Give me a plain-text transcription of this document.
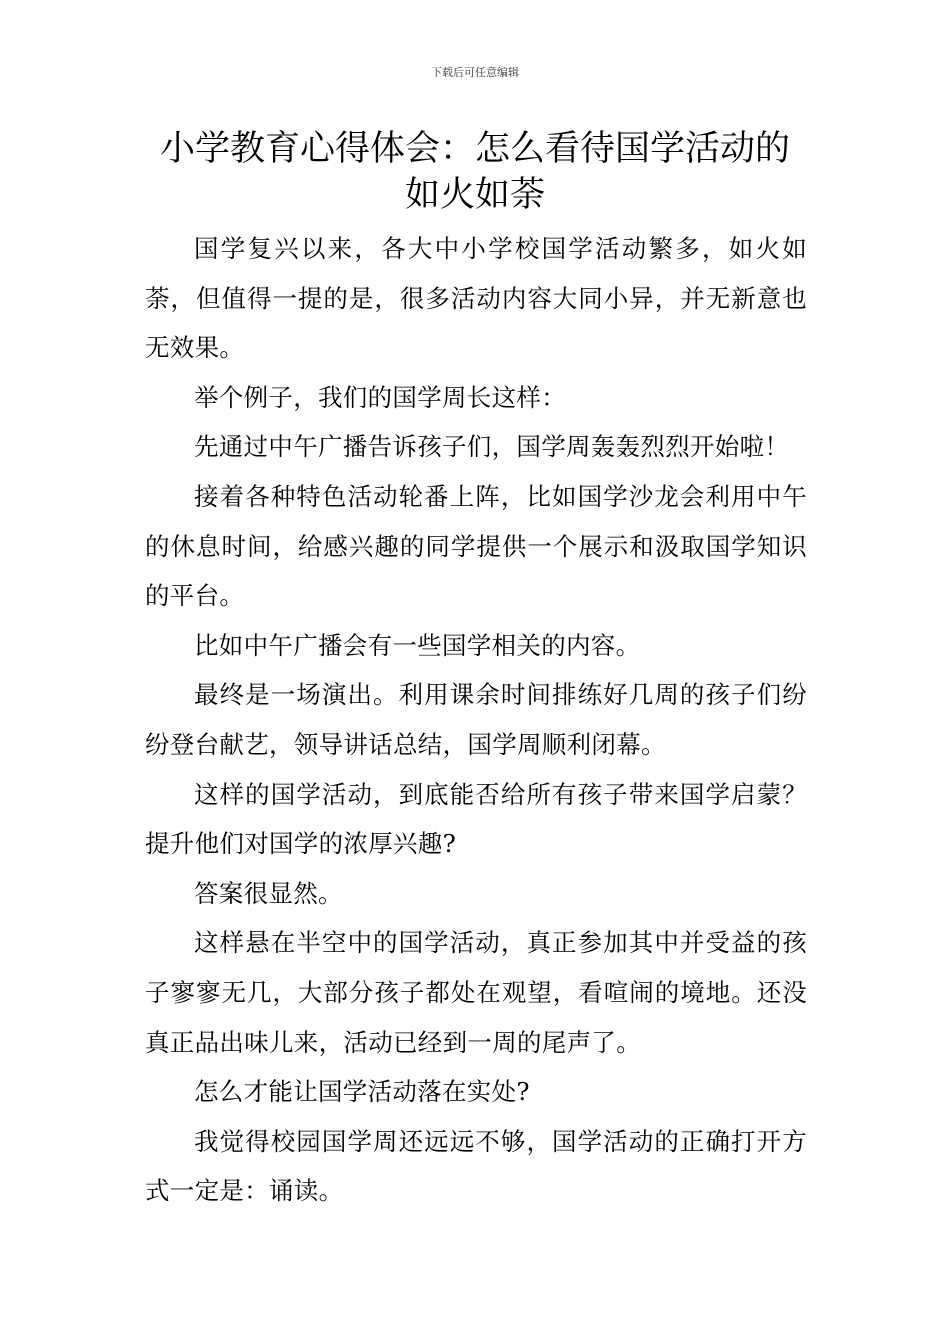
下载后可任意编辑
小学教育心得体会：怎么看待国学活动的如火如荼

国学复兴以来，各大中小学校国学活动繁多，如火如荼，但值得一提的是，很多活动内容大同小异，并无新意也无效果。

举个例子，我们的国学周长这样：

先通过中午广播告诉孩子们，国学周轰轰烈烈开始啦！

接着各种特色活动轮番上阵，比如国学沙龙会利用中午的休息时间，给感兴趣的同学提供一个展示和汲取国学知识的平台。

比如中午广播会有一些国学相关的内容。

最终是一场演出。利用课余时间排练好几周的孩子们纷纷登台献艺，领导讲话总结，国学周顺利闭幕。

这样的国学活动，到底能否给所有孩子带来国学启蒙？提升他们对国学的浓厚兴趣?

答案很显然。

这样悬在半空中的国学活动，真正参加其中并受益的孩子寥寥无几，大部分孩子都处在观望，看喧闹的境地。还没真正品出味儿来，活动已经到一周的尾声了。

怎么才能让国学活动落在实处?

我觉得校园国学周还远远不够，国学活动的正确打开方式一定是：诵读。
